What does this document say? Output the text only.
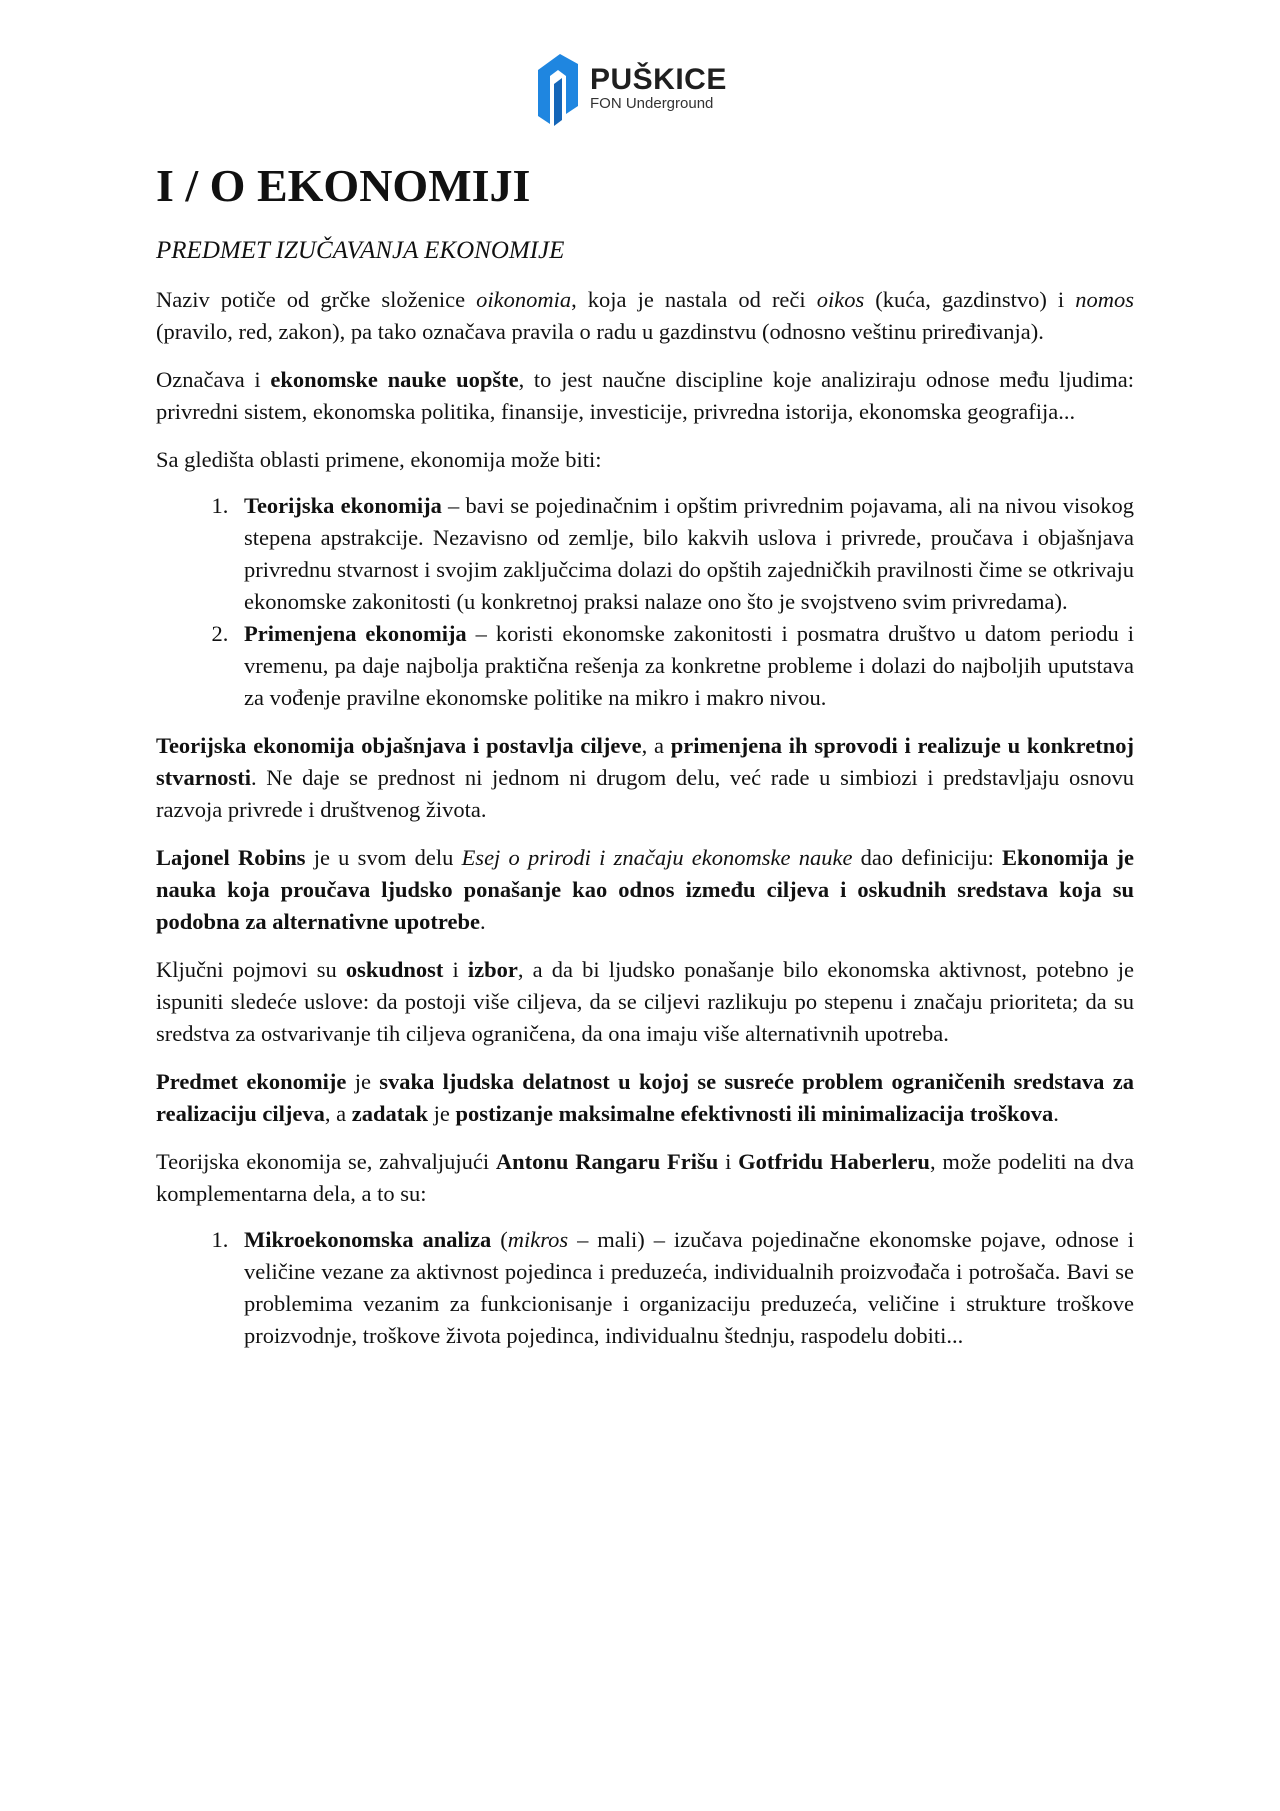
PUŠKICE
FON Underground
I / O EKONOMIJI
PREDMET IZUČAVANJA EKONOMIJE

Naziv potiče od grčke složenice oikonomia, koja je nastala od reči oikos (kuća, gazdinstvo) i nomos (pravilo, red, zakon), pa tako označava pravila o radu u gazdinstvu (odnosno veštinu priređivanja).

Označava i ekonomske nauke uopšte, to jest naučne discipline koje analiziraju odnose među ljudima: privredni sistem, ekonomska politika, finansije, investicije, privredna istorija, ekonomska geografija...

Sa gledišta oblasti primene, ekonomija može biti:

1. Teorijska ekonomija – bavi se pojedinačnim i opštim privrednim pojavama, ali na nivou visokog stepena apstrakcije. Nezavisno od zemlje, bilo kakvih uslova i privrede, proučava i objašnjava privrednu stvarnost i svojim zaključcima dolazi do opštih zajedničkih pravilnosti čime se otkrivaju ekonomske zakonitosti (u konkretnoj praksi nalaze ono što je svojstveno svim privredama).
2. Primenjena ekonomija – koristi ekonomske zakonitosti i posmatra društvo u datom periodu i vremenu, pa daje najbolja praktična rešenja za konkretne probleme i dolazi do najboljih uputstava za vođenje pravilne ekonomske politike na mikro i makro nivou.

Teorijska ekonomija objašnjava i postavlja ciljeve, a primenjena ih sprovodi i realizuje u konkretnoj stvarnosti. Ne daje se prednost ni jednom ni drugom delu, već rade u simbiozi i predstavljaju osnovu razvoja privrede i društvenog života.

Lajonel Robins je u svom delu Esej o prirodi i značaju ekonomske nauke dao definiciju: Ekonomija je nauka koja proučava ljudsko ponašanje kao odnos između ciljeva i oskudnih sredstava koja su podobna za alternativne upotrebe.

Ključni pojmovi su oskudnost i izbor, a da bi ljudsko ponašanje bilo ekonomska aktivnost, potebno je ispuniti sledeće uslove: da postoji više ciljeva, da se ciljevi razlikuju po stepenu i značaju prioriteta; da su sredstva za ostvarivanje tih ciljeva ograničena, da ona imaju više alternativnih upotreba.

Predmet ekonomije je svaka ljudska delatnost u kojoj se susreće problem ograničenih sredstava za realizaciju ciljeva, a zadatak je postizanje maksimalne efektivnosti ili minimalizacija troškova.

Teorijska ekonomija se, zahvaljujući Antonu Rangaru Frišu i Gotfridu Haberleru, može podeliti na dva komplementarna dela, a to su:

1. Mikroekonomska analiza (mikros – mali) – izučava pojedinačne ekonomske pojave, odnose i veličine vezane za aktivnost pojedinca i preduzeća, individualnih proizvođača i potrošača. Bavi se problemima vezanim za funkcionisanje i organizaciju preduzeća, veličine i strukture troškove proizvodnje, troškove života pojedinca, individualnu štednju, raspodelu dobiti...
